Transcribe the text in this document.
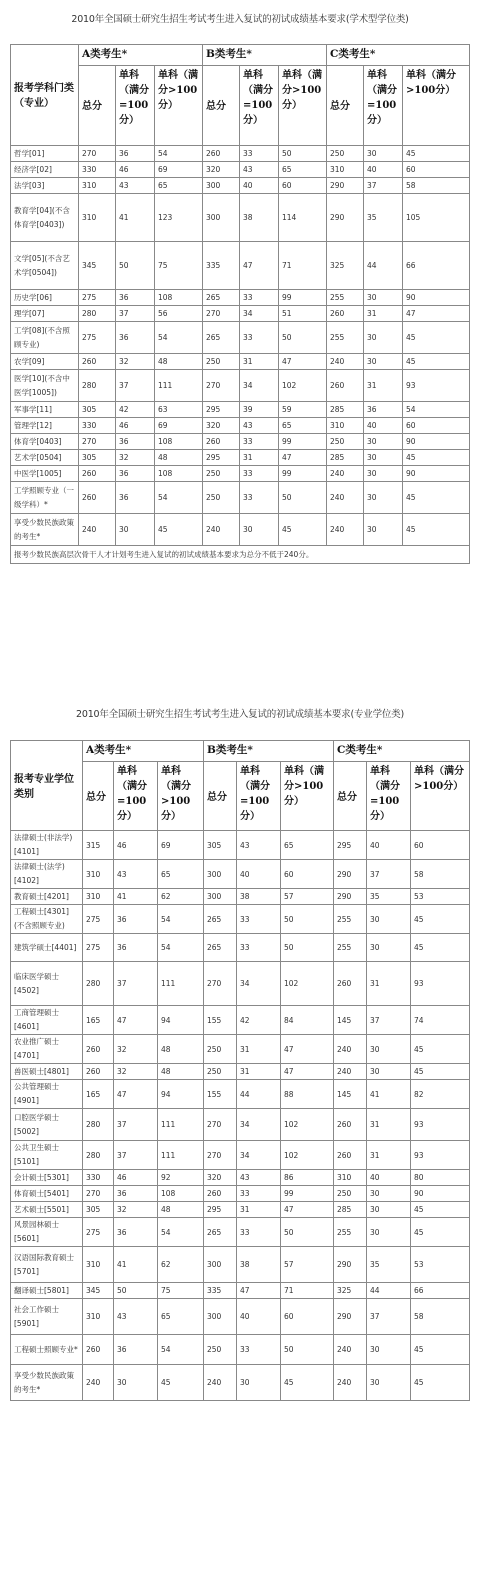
2010年全国硕士研究生招生考试考生进入复试的初试成绩基本要求(学术型学位类)
报考学科门类（专业）	A类考生*			B类考生*			C类考生*		
	总分	单科（满分=100分）	单科（满分>100分）	总分	单科（满分=100分）	单科（满分>100分）	总分	单科（满分=100分）	单科（满分>100分）
哲学[01]	270	36	54	260	33	50	250	30	45
经济学[02]	330	46	69	320	43	65	310	40	60
法学[03]	310	43	65	300	40	60	290	37	58
教育学[04](不含体育学[0403])	310	41	123	300	38	114	290	35	105
文学[05](不含艺术学[0504])	345	50	75	335	47	71	325	44	66
历史学[06]	275	36	108	265	33	99	255	30	90
理学[07]	280	37	56	270	34	51	260	31	47
工学[08](不含照顾专业)	275	36	54	265	33	50	255	30	45
农学[09]	260	32	48	250	31	47	240	30	45
医学[10](不含中医学[1005])	280	37	111	270	34	102	260	31	93
军事学[11]	305	42	63	295	39	59	285	36	54
管理学[12]	330	46	69	320	43	65	310	40	60
体育学[0403]	270	36	108	260	33	99	250	30	90
艺术学[0504]	305	32	48	295	31	47	285	30	45
中医学[1005]	260	36	108	250	33	99	240	30	90
工学照顾专业（一级学科）*	260	36	54	250	33	50	240	30	45
享受少数民族政策的考生*	240	30	45	240	30	45	240	30	45
报考少数民族高层次骨干人才计划考生进入复试的初试成绩基本要求为总分不低于240分。									
2010年全国硕士研究生招生考试考生进入复试的初试成绩基本要求(专业学位类)
报考专业学位类别	A类考生*			B类考生*			C类考生*		
	总分	单科（满分=100分）	单科（满分>100分）	总分	单科（满分=100分）	单科（满分>100分）	总分	单科（满分=100分）	单科（满分>100分）
法律硕士(非法学)[4101]	315	46	69	305	43	65	295	40	60
法律硕士(法学)[4102]	310	43	65	300	40	60	290	37	58
教育硕士[4201]	310	41	62	300	38	57	290	35	53
工程硕士[4301](不含照顾专业)	275	36	54	265	33	50	255	30	45
建筑学硕士[4401]	275	36	54	265	33	50	255	30	45
临床医学硕士[4502]	280	37	111	270	34	102	260	31	93
工商管理硕士[4601]	165	47	94	155	42	84	145	37	74
农业推广硕士[4701]	260	32	48	250	31	47	240	30	45
兽医硕士[4801]	260	32	48	250	31	47	240	30	45
公共管理硕士[4901]	165	47	94	155	44	88	145	41	82
口腔医学硕士[5002]	280	37	111	270	34	102	260	31	93
公共卫生硕士[5101]	280	37	111	270	34	102	260	31	93
会计硕士[5301]	330	46	92	320	43	86	310	40	80
体育硕士[5401]	270	36	108	260	33	99	250	30	90
艺术硕士[5501]	305	32	48	295	31	47	285	30	45
风景园林硕士[5601]	275	36	54	265	33	50	255	30	45
汉语国际教育硕士[5701]	310	41	62	300	38	57	290	35	53
翻译硕士[5801]	345	50	75	335	47	71	325	44	66
社会工作硕士[5901]	310	43	65	300	40	60	290	37	58
工程硕士照顾专业*	260	36	54	250	33	50	240	30	45
享受少数民族政策的考生*	240	30	45	240	30	45	240	30	45
